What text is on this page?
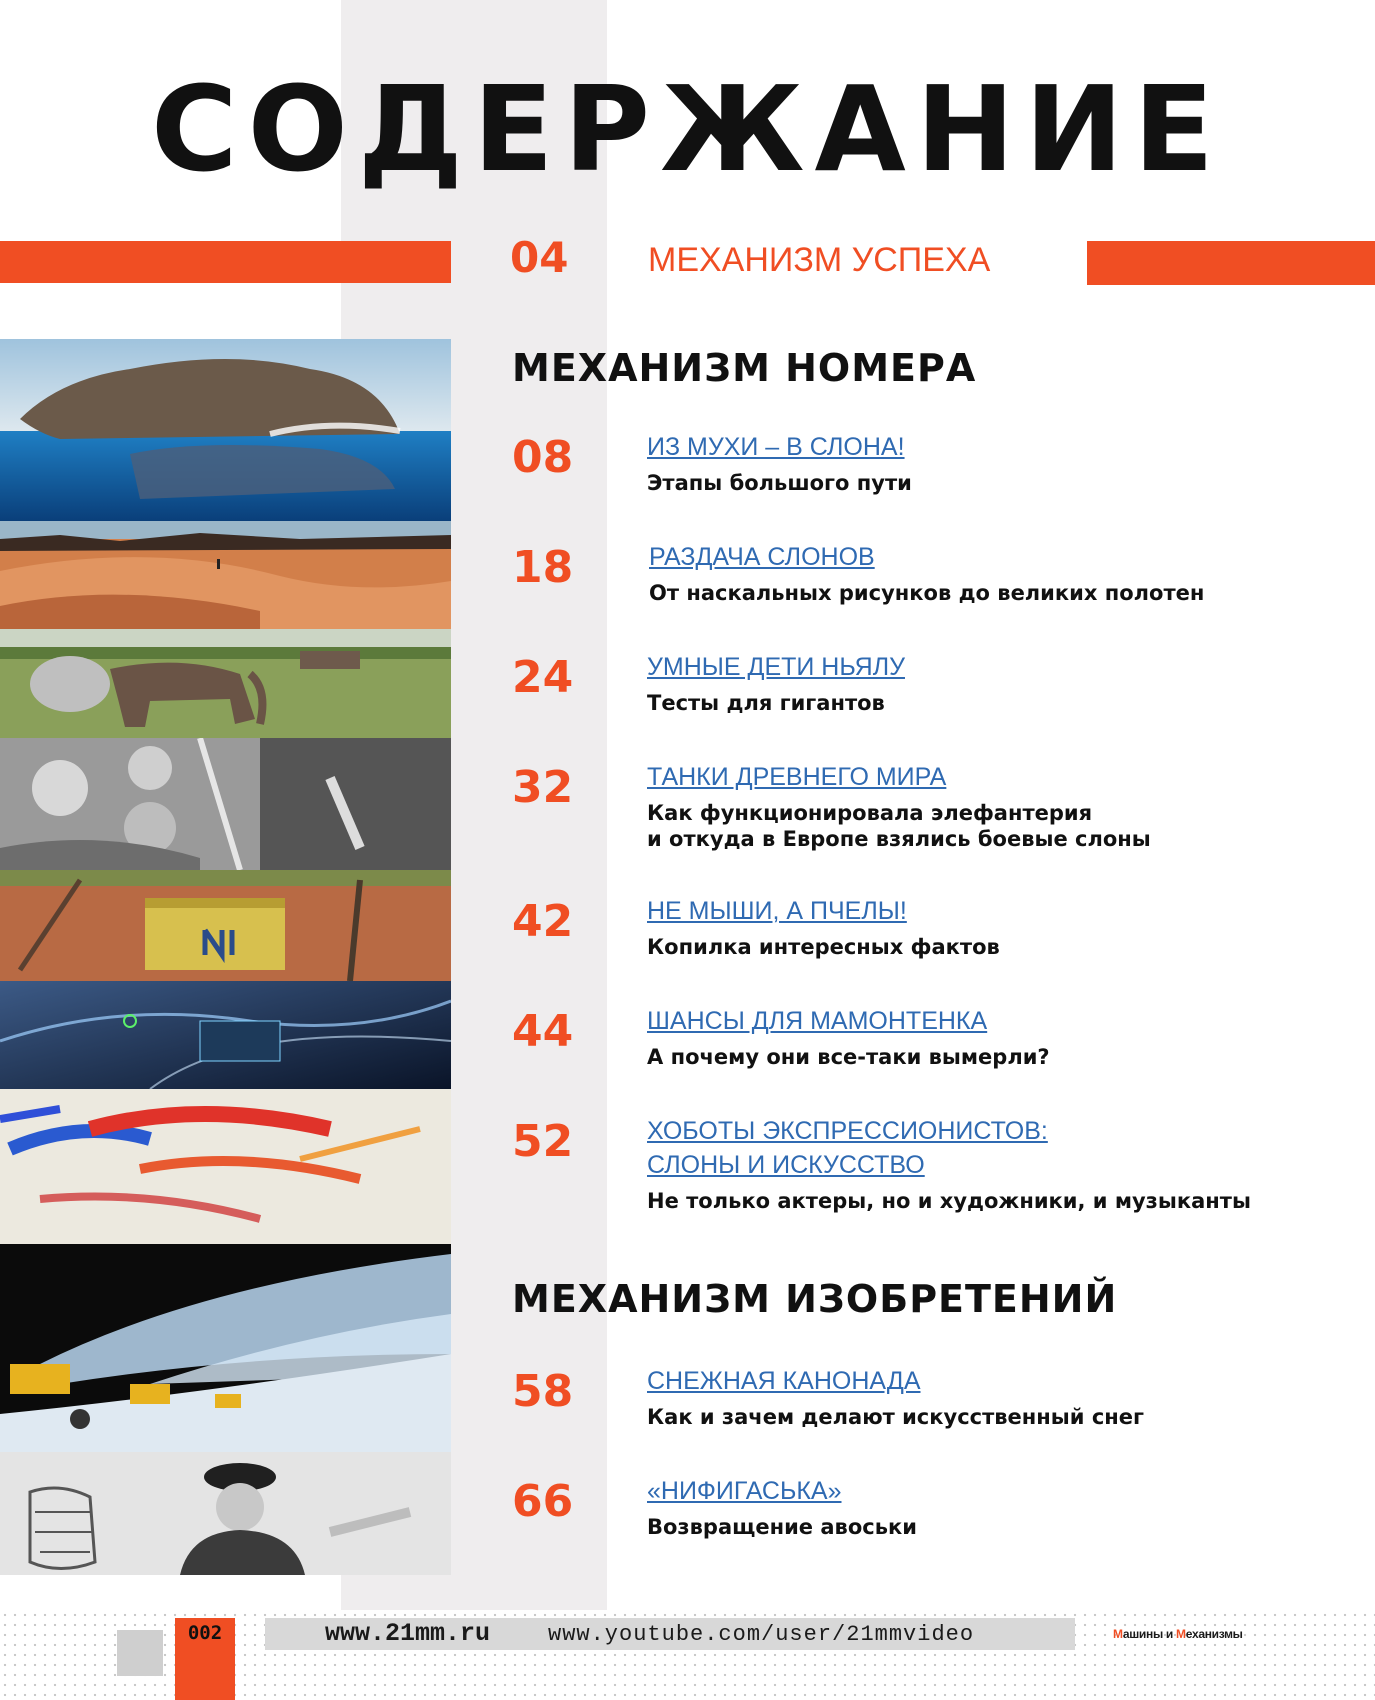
СОДЕРЖАНИЕ
04 МЕХАНИЗМ УСПЕХА
МЕХАНИЗМ НОМЕРА
08	ИЗ МУХИ – В СЛОНА!
Этапы большого пути
18	РАЗДАЧА СЛОНОВ
От наскальных рисунков до великих полотен
24	УМНЫЕ ДЕТИ НЬЯЛУ
Тесты для гигантов
32	ТАНКИ ДРЕВНЕГО МИРА
Как функционировала элефантерия
и откуда в Европе взялись боевые слоны
42	НЕ МЫШИ, А ПЧЕЛЫ!
Копилка интересных фактов
44	ШАНСЫ ДЛЯ МАМОНТЕНКА
А почему они все-таки вымерли?
52	ХОБОТЫ ЭКСПРЕССИОНИСТОВ:
СЛОНЫ И ИСКУССТВО
Не только актеры, но и художники, и музыканты
МЕХАНИЗМ ИЗОБРЕТЕНИЙ
58	СНЕЖНАЯ КАНОНАДА
Как и зачем делают искусственный снег
66	«НИФИГАСЬКА»
Возвращение авоськи
002	www.21mm.ru	www.youtube.com/user/21mmvideo	Машины и Механизмы
